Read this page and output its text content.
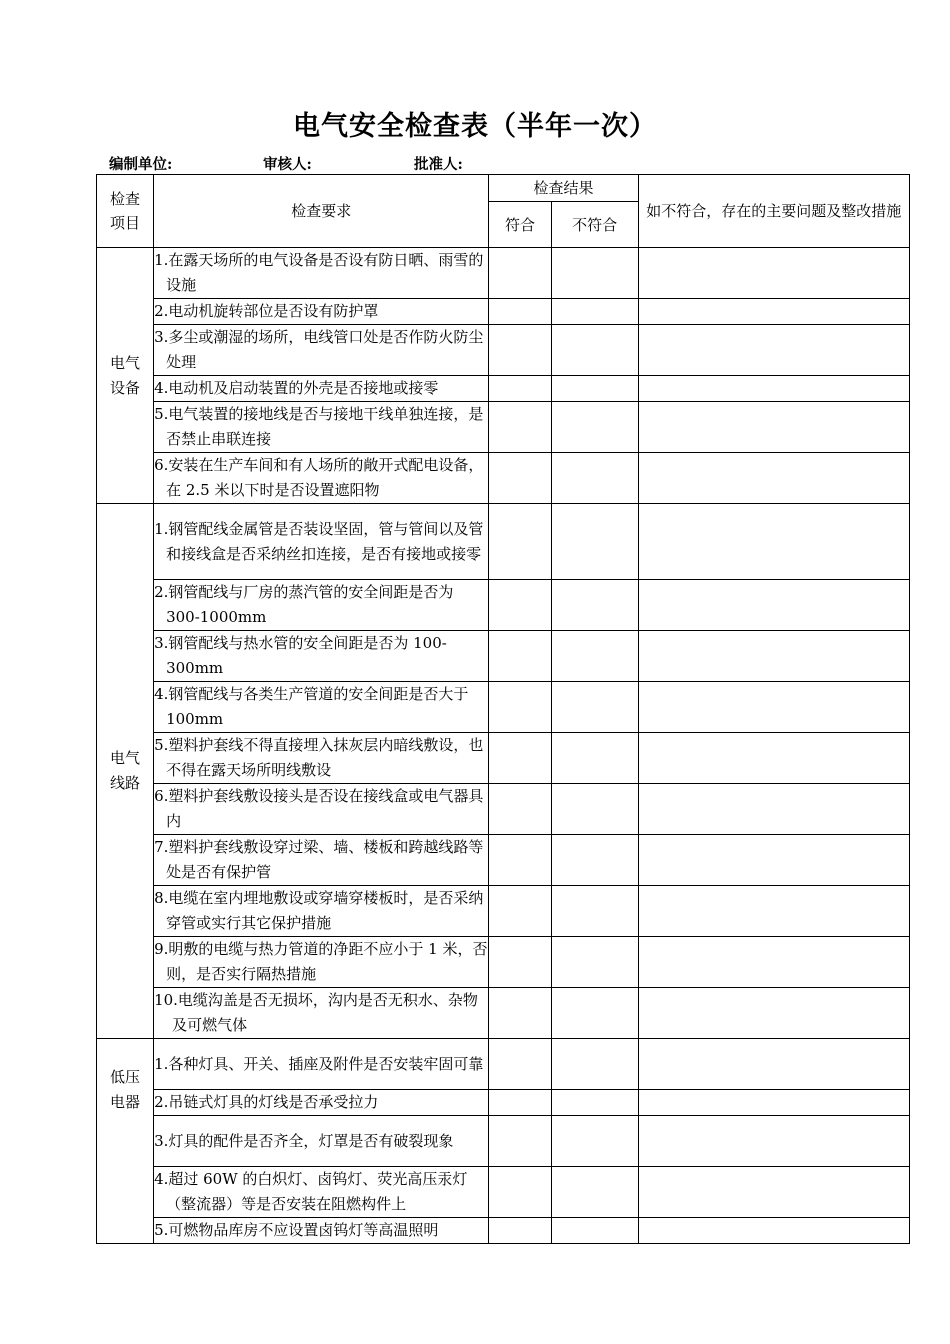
电气安全检查表（半年一次）
编制单位:	审核人:	批准人:
检查项目	检查要求	检查结果		如不符合，存在的主要问题及整改措施
		符合	不符合	

电气设备	1.在露天场所的电气设备是否设有防日晒、雨雪的设施			

	2.电动机旋转部位是否设有防护罩			

	3.多尘或潮湿的场所，电线管口处是否作防火防尘处理			

	4.电动机及启动装置的外壳是否接地或接零			

	5.电气装置的接地线是否与接地干线单独连接，是否禁止串联连接			

	6.安装在生产车间和有人场所的敞开式配电设备，在 2.5 米以下时是否设置遮阳物			

电气线路	1.钢管配线金属管是否装设坚固，管与管间以及管和接线盒是否采纳丝扣连接，是否有接地或接零			

	2.钢管配线与厂房的蒸汽管的安全间距是否为 300-1000mm			

	3.钢管配线与热水管的安全间距是否为 100-300mm			

	4.钢管配线与各类生产管道的安全间距是否大于 100mm			

	5.塑料护套线不得直接埋入抹灰层内暗线敷设，也不得在露天场所明线敷设			

	6.塑料护套线敷设接头是否设在接线盒或电气器具内			

	7.塑料护套线敷设穿过梁、墙、楼板和跨越线路等处是否有保护管			

	8.电缆在室内埋地敷设或穿墙穿楼板时，是否采纳穿管或实行其它保护措施			

	9.明敷的电缆与热力管道的净距不应小于 1 米，否则，是否实行隔热措施			

	10.电缆沟盖是否无损坏，沟内是否无积水、杂物及可燃气体			

低压电器	1.各种灯具、开关、插座及附件是否安装牢固可靠			

	2.吊链式灯具的灯线是否承受拉力			

	3.灯具的配件是否齐全，灯罩是否有破裂现象			

	4.超过 60W 的白炽灯、卤钨灯、荧光高压汞灯（整流器）等是否安装在阻燃构件上			

	5.可燃物品库房不应设置卤钨灯等高温照明			
